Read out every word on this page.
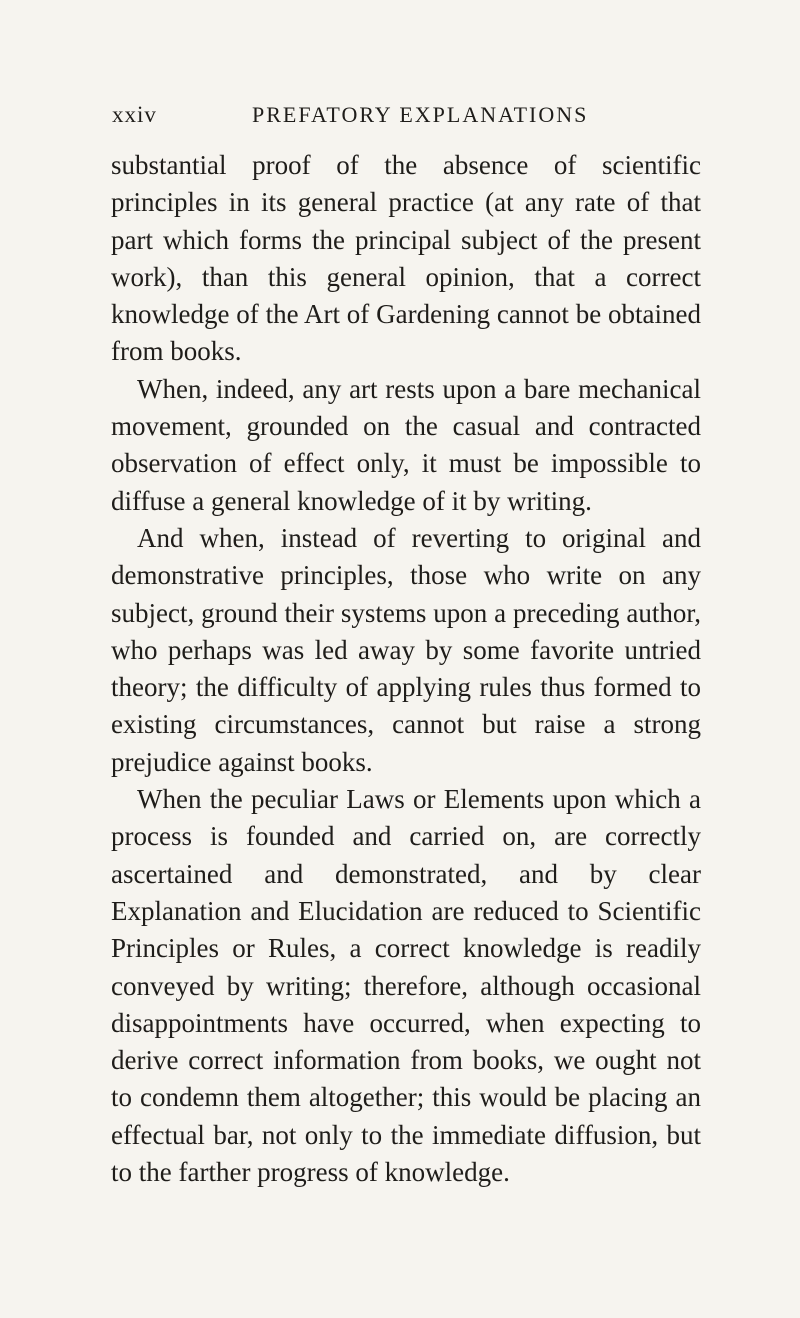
xxiv	PREFATORY EXPLANATIONS

substantial proof of the absence of scientific principles in its general practice (at any rate of that part which forms the principal subject of the present work), than this general opinion, that a correct knowledge of the Art of Gardening cannot be obtained from books.

When, indeed, any art rests upon a bare mechanical movement, grounded on the casual and contracted observation of effect only, it must be impossible to diffuse a general knowledge of it by writing.

And when, instead of reverting to original and demonstrative principles, those who write on any subject, ground their systems upon a preceding author, who perhaps was led away by some favorite untried theory; the difficulty of applying rules thus formed to existing circumstances, cannot but raise a strong prejudice against books.

When the peculiar Laws or Elements upon which a process is founded and carried on, are correctly ascertained and demonstrated, and by clear Explanation and Elucidation are reduced to Scientific Principles or Rules, a correct knowledge is readily conveyed by writing; therefore, although occasional disappointments have occurred, when expecting to derive correct information from books, we ought not to condemn them altogether; this would be placing an effectual bar, not only to the immediate diffusion, but to the farther progress of knowledge.
